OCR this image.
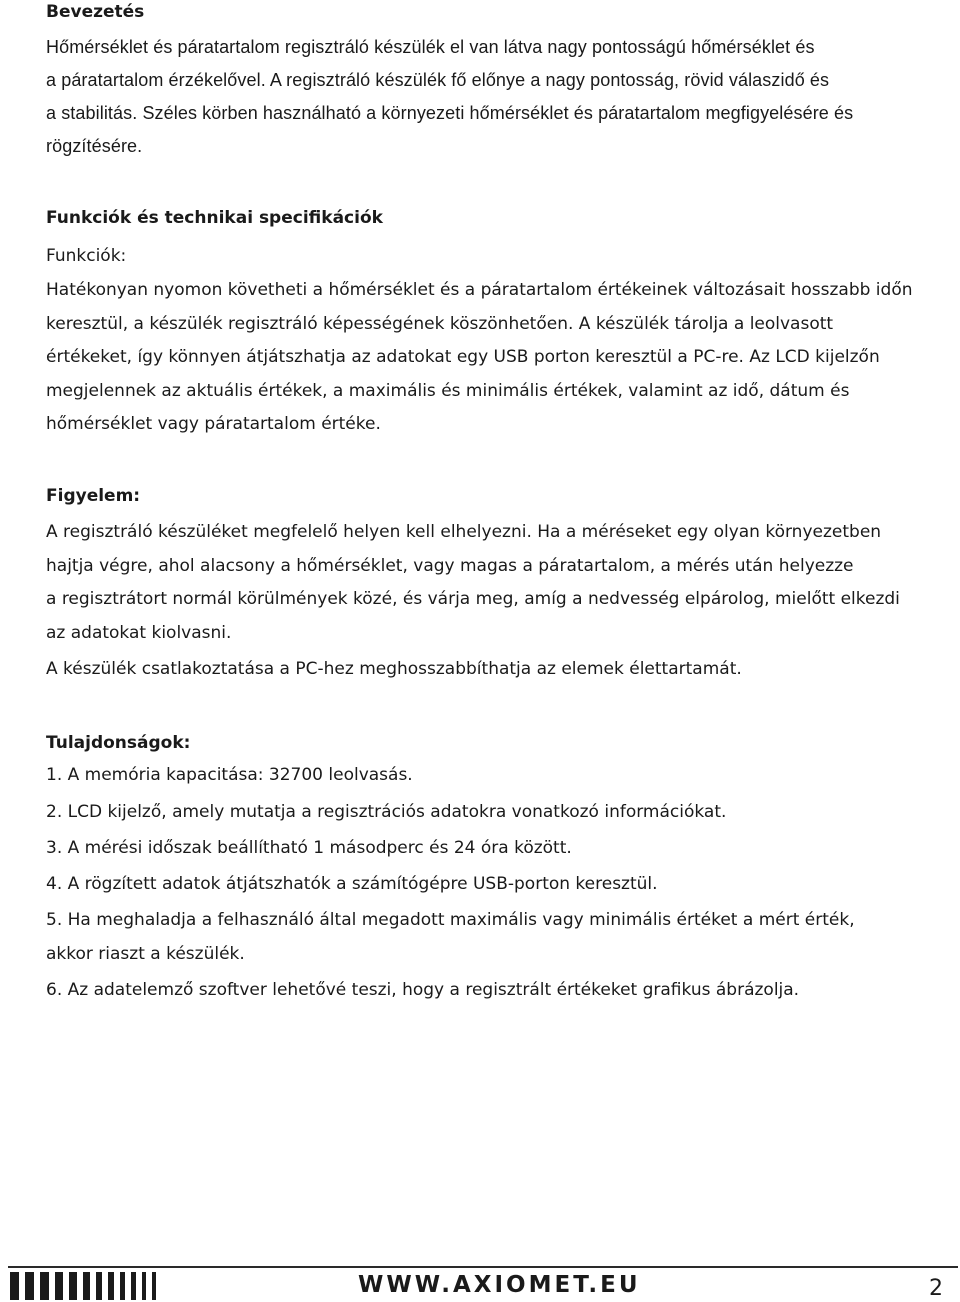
Bevezetés
Hőmérséklet és páratartalom regisztráló készülék el van látva nagy pontosságú hőmérséklet és
a páratartalom érzékelővel. A regisztráló készülék fő előnye a nagy pontosság, rövid válaszidő és
a stabilitás. Széles körben használható a környezeti hőmérséklet és páratartalom megfigyelésére és
rögzítésére.
Funkciók és technikai specifikációk
Funkciók:
Hatékonyan nyomon követheti a hőmérséklet és a páratartalom értékeinek változásait hosszabb időn
keresztül, a készülék regisztráló képességének köszönhetően. A készülék tárolja a leolvasott
értékeket, így könnyen átjátszhatja az adatokat egy USB porton keresztül a PC-re. Az LCD kijelzőn
megjelennek az aktuális értékek, a maximális és minimális értékek, valamint az idő, dátum és
hőmérséklet vagy páratartalom értéke.
Figyelem:
A regisztráló készüléket megfelelő helyen kell elhelyezni. Ha a méréseket egy olyan környezetben
hajtja végre, ahol alacsony a hőmérséklet, vagy magas a páratartalom, a mérés után helyezze
a regisztrátort normál körülmények közé, és várja meg, amíg a nedvesség elpárolog, mielőtt elkezdi
az adatokat kiolvasni.
A készülék csatlakoztatása a PC-hez meghosszabbíthatja az elemek élettartamát.
Tulajdonságok:
1. A memória kapacitása: 32700 leolvasás.
2. LCD kijelző, amely mutatja a regisztrációs adatokra vonatkozó információkat.
3. A mérési időszak beállítható 1 másodperc és 24 óra között.
4. A rögzített adatok átjátszhatók a számítógépre USB-porton keresztül.
5. Ha meghaladja a felhasználó által megadott maximális vagy minimális értéket a mért érték,
akkor riaszt a készülék.
6. Az adatelemző szoftver lehetővé teszi, hogy a regisztrált értékeket grafikus ábrázolja.
WWW.AXIOMET.EU	2
